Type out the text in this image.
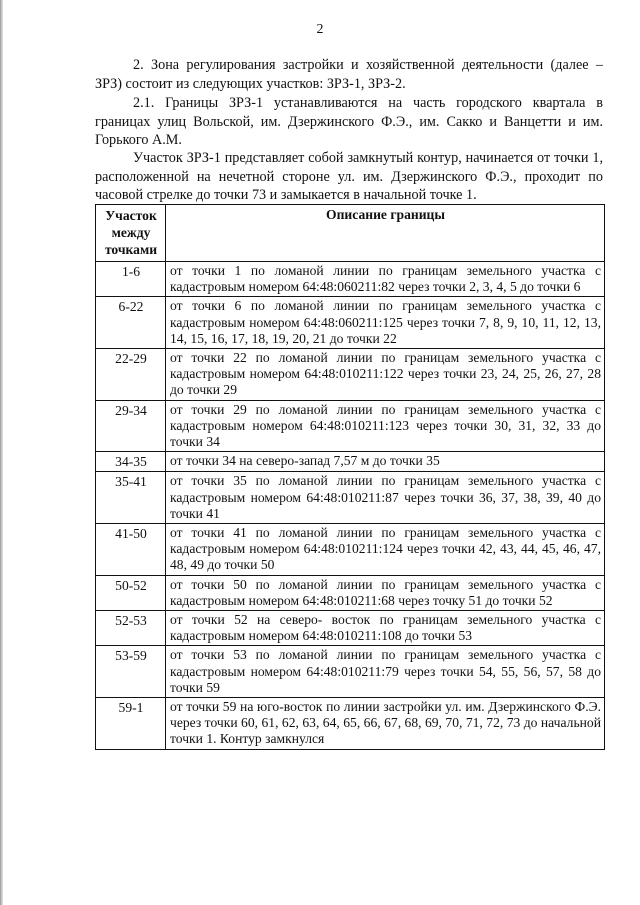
2

2. Зона регулирования застройки и хозяйственной деятельности (далее – ЗРЗ) состоит из следующих участков: ЗРЗ-1, ЗРЗ-2.

2.1. Границы ЗРЗ-1 устанавливаются на часть городского квартала в границах улиц Вольской, им. Дзержинского Ф.Э., им. Сакко и Ванцетти и им. Горького А.М.

Участок ЗРЗ-1 представляет собой замкнутый контур, начинается от точки 1, расположенной на нечетной стороне ул. им. Дзержинского Ф.Э., проходит по часовой стрелке до точки 73 и замыкается в начальной точке 1.

Участок между точками	Описание границы
1-6	от точки 1 по ломаной линии по границам земельного участка с кадастровым номером 64:48:060211:82 через точки 2, 3, 4, 5 до точки 6
6-22	от точки 6 по ломаной линии по границам земельного участка с кадастровым номером 64:48:060211:125 через точки 7, 8, 9, 10, 11, 12, 13, 14, 15, 16, 17, 18, 19, 20, 21 до точки 22
22-29	от точки 22 по ломаной линии по границам земельного участка с кадастровым номером 64:48:010211:122 через точки 23, 24, 25, 26, 27, 28 до точки 29
29-34	от точки 29 по ломаной линии по границам земельного участка с кадастровым номером 64:48:010211:123 через точки 30, 31, 32, 33 до точки 34
34-35	от точки 34 на северо-запад 7,57 м до точки 35
35-41	от точки 35 по ломаной линии по границам земельного участка с кадастровым номером 64:48:010211:87 через точки 36, 37, 38, 39, 40 до точки 41
41-50	от точки 41 по ломаной линии по границам земельного участка с кадастровым номером 64:48:010211:124 через точки 42, 43, 44, 45, 46, 47, 48, 49 до точки 50
50-52	от точки 50 по ломаной линии по границам земельного участка с кадастровым номером 64:48:010211:68 через точку 51 до точки 52
52-53	от точки 52 на северо- восток по границам земельного участка с кадастровым номером 64:48:010211:108 до точки 53
53-59	от точки 53 по ломаной линии по границам земельного участка с кадастровым номером 64:48:010211:79 через точки 54, 55, 56, 57, 58 до точки 59
59-1	от точки 59 на юго-восток по линии застройки ул. им. Дзержинского Ф.Э. через точки 60, 61, 62, 63, 64, 65, 66, 67, 68, 69, 70, 71, 72, 73 до начальной точки 1. Контур замкнулся
